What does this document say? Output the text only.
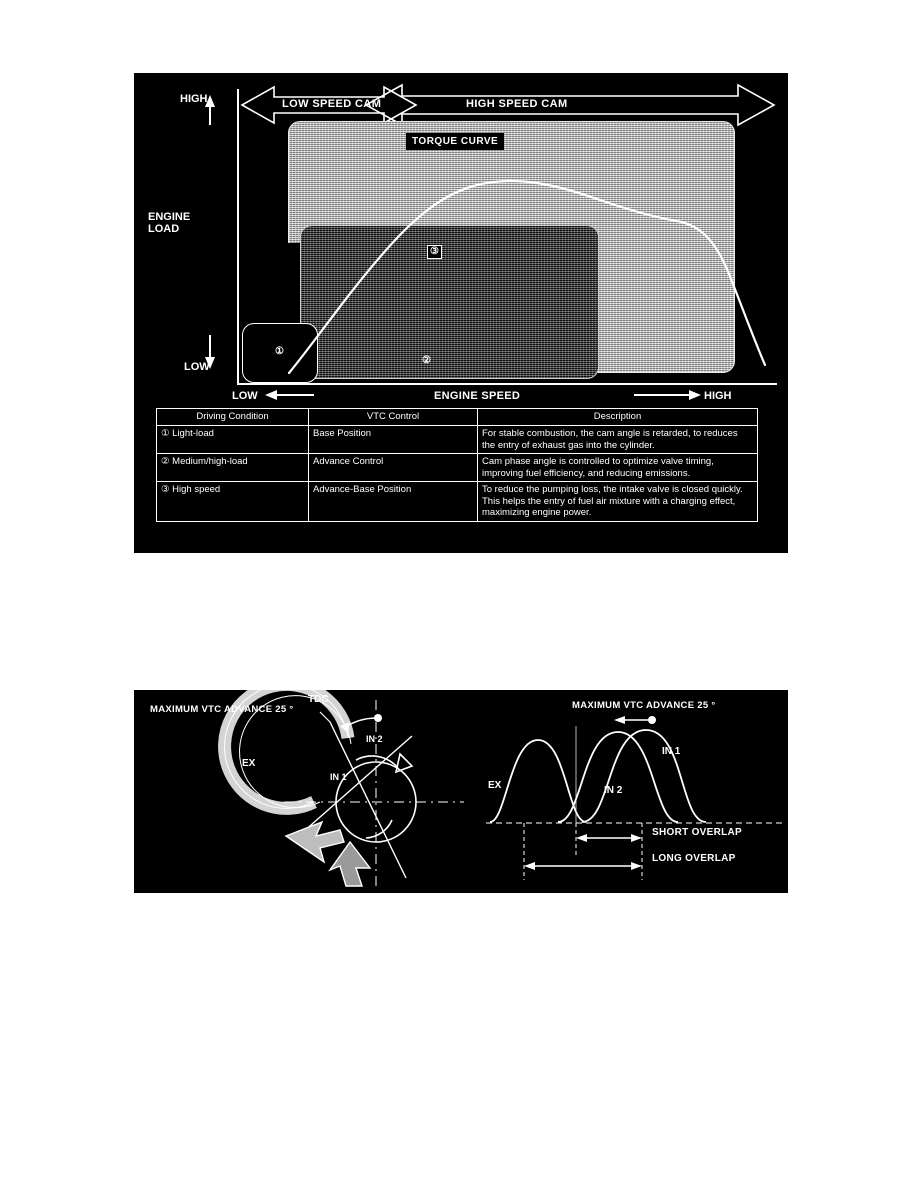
LOW SPEED CAM	HIGH SPEED CAM
TORQUE CURVE
③
②
①
ENGINE
LOAD
HIGH
LOW
ENGINE SPEED
LOW	HIGH
Driving Condition	VTC Control	Description
① Light-load	Base Position	For stable combustion, the cam angle is retarded, to reduces the entry of exhaust gas into the cylinder.
② Medium/high-load	Advance Control	Cam phase angle is controlled to optimize valve timing, improving fuel efficiency, and reducing emissions.
③ High speed	Advance-Base Position	To reduce the pumping loss, the intake valve is closed quickly. This helps the entry of fuel air mixture with a charging effect, maximizing engine power.
MAXIMUM VTC ADVANCE 25 °
TDC
EX
IN 1
IN 2
MAXIMUM VTC ADVANCE 25 °
EX
IN 1
IN 2
SHORT OVERLAP
LONG OVERLAP
